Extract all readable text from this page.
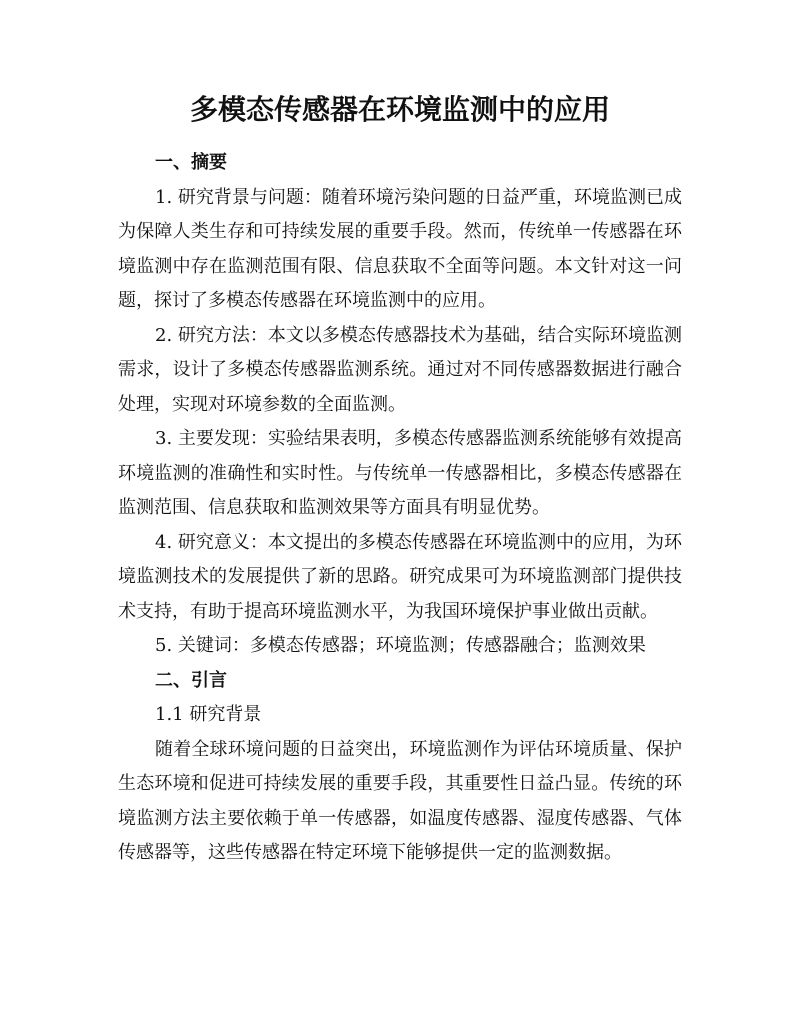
多模态传感器在环境监测中的应用

一、摘要

1. 研究背景与问题：随着环境污染问题的日益严重，环境监测已成为保障人类生存和可持续发展的重要手段。然而，传统单一传感器在环境监测中存在监测范围有限、信息获取不全面等问题。本文针对这一问题，探讨了多模态传感器在环境监测中的应用。

2. 研究方法：本文以多模态传感器技术为基础，结合实际环境监测需求，设计了多模态传感器监测系统。通过对不同传感器数据进行融合处理，实现对环境参数的全面监测。

3. 主要发现：实验结果表明，多模态传感器监测系统能够有效提高环境监测的准确性和实时性。与传统单一传感器相比，多模态传感器在监测范围、信息获取和监测效果等方面具有明显优势。

4. 研究意义：本文提出的多模态传感器在环境监测中的应用，为环境监测技术的发展提供了新的思路。研究成果可为环境监测部门提供技术支持，有助于提高环境监测水平，为我国环境保护事业做出贡献。

5. 关键词：多模态传感器；环境监测；传感器融合；监测效果

二、引言

1.1 研究背景

随着全球环境问题的日益突出，环境监测作为评估环境质量、保护生态环境和促进可持续发展的重要手段，其重要性日益凸显。传统的环境监测方法主要依赖于单一传感器，如温度传感器、湿度传感器、气体传感器等，这些传感器在特定环境下能够提供一定的监测数据。
